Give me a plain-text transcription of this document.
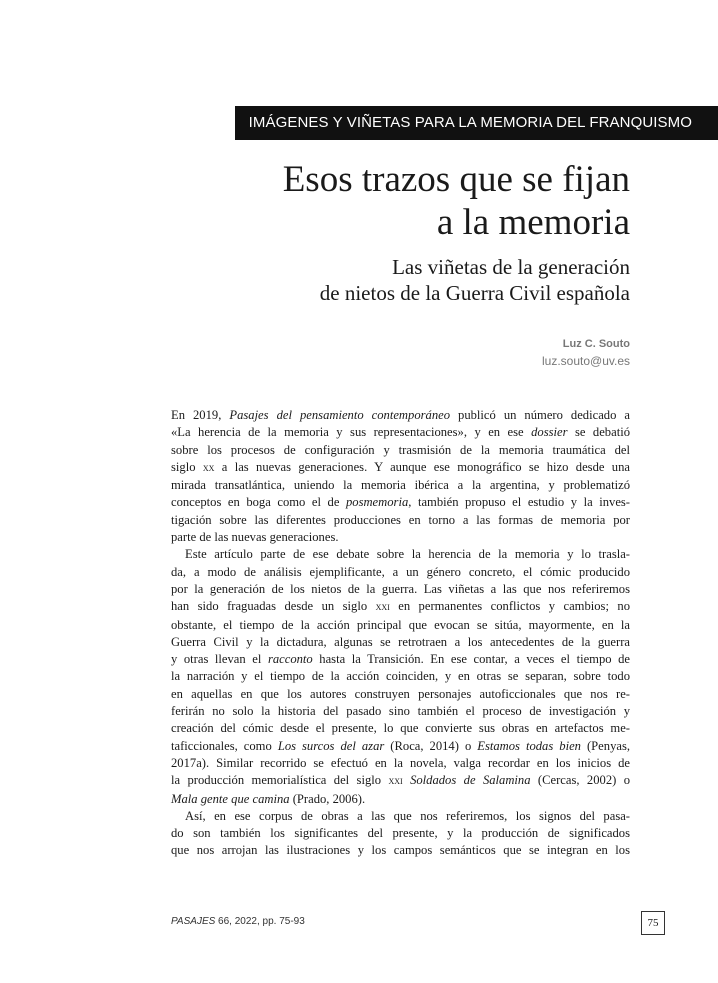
IMÁGENES Y VIÑETAS PARA LA MEMORIA DEL FRANQUISMO
Esos trazos que se fijan
a la memoria
Las viñetas de la generación
de nietos de la Guerra Civil española
Luz C. Souto
luz.souto@uv.es

En 2019, Pasajes del pensamiento contemporáneo publicó un número dedicado a
«La herencia de la memoria y sus representaciones», y en ese dossier se debatió
sobre los procesos de configuración y trasmisión de la memoria traumática del
siglo xx a las nuevas generaciones. Y aunque ese monográfico se hizo desde una
mirada transatlántica, uniendo la memoria ibérica a la argentina, y problematizó
conceptos en boga como el de posmemoria, también propuso el estudio y la inves-
tigación sobre las diferentes producciones en torno a las formas de memoria por
parte de las nuevas generaciones.

Este artículo parte de ese debate sobre la herencia de la memoria y lo trasla-
da, a modo de análisis ejemplificante, a un género concreto, el cómic producido
por la generación de los nietos de la guerra. Las viñetas a las que nos referiremos
han sido fraguadas desde un siglo xxi en permanentes conflictos y cambios; no
obstante, el tiempo de la acción principal que evocan se sitúa, mayormente, en la
Guerra Civil y la dictadura, algunas se retrotraen a los antecedentes de la guerra
y otras llevan el racconto hasta la Transición. En ese contar, a veces el tiempo de
la narración y el tiempo de la acción coinciden, y en otras se separan, sobre todo
en aquellas en que los autores construyen personajes autoficcionales que nos re-
ferirán no solo la historia del pasado sino también el proceso de investigación y
creación del cómic desde el presente, lo que convierte sus obras en artefactos me-
taficcionales, como Los surcos del azar (Roca, 2014) o Estamos todas bien (Penyas,
2017a). Similar recorrido se efectuó en la novela, valga recordar en los inicios de
la producción memorialística del siglo xxi Soldados de Salamina (Cercas, 2002) o
Mala gente que camina (Prado, 2006).

Así, en ese corpus de obras a las que nos referiremos, los signos del pasa-
do son también los significantes del presente, y la producción de significados
que nos arrojan las ilustraciones y los campos semánticos que se integran en los

PASAJES 66, 2022, pp. 75-93	75
